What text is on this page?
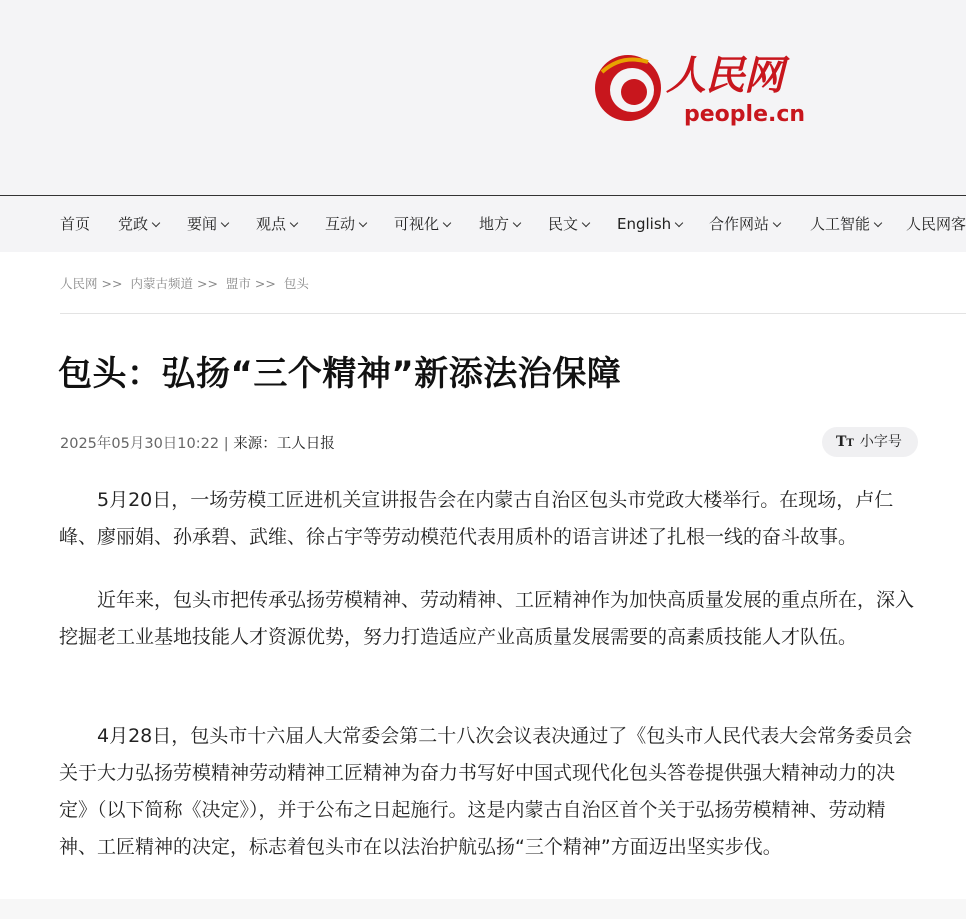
人民网
people.cn
首页 党政	要闻	观点	互动	可视化	地方	民文	English	合作网站	人工智能	人民网客
人民网 >> 内蒙古频道 >> 盟市 >> 包头
包头：弘扬“三个精神”新添法治保障
2025年05月30日10:22 | 来源：工人日报	TT 小字号

5月20日，一场劳模工匠进机关宣讲报告会在内蒙古自治区包头市党政大楼举行。在现场，卢仁峰、廖丽娟、孙承碧、武维、徐占宇等劳动模范代表用质朴的语言讲述了扎根一线的奋斗故事。

近年来，包头市把传承弘扬劳模精神、劳动精神、工匠精神作为加快高质量发展的重点所在，深入挖掘老工业基地技能人才资源优势，努力打造适应产业高质量发展需要的高素质技能人才队伍。

4月28日，包头市十六届人大常委会第二十八次会议表决通过了《包头市人民代表大会常务委员会关于大力弘扬劳模精神劳动精神工匠精神为奋力书写好中国式现代化包头答卷提供强大精神动力的决定》（以下简称《决定》），并于公布之日起施行。这是内蒙古自治区首个关于弘扬劳模精神、劳动精神、工匠精神的决定，标志着包头市在以法治护航弘扬“三个精神”方面迈出坚实步伐。
